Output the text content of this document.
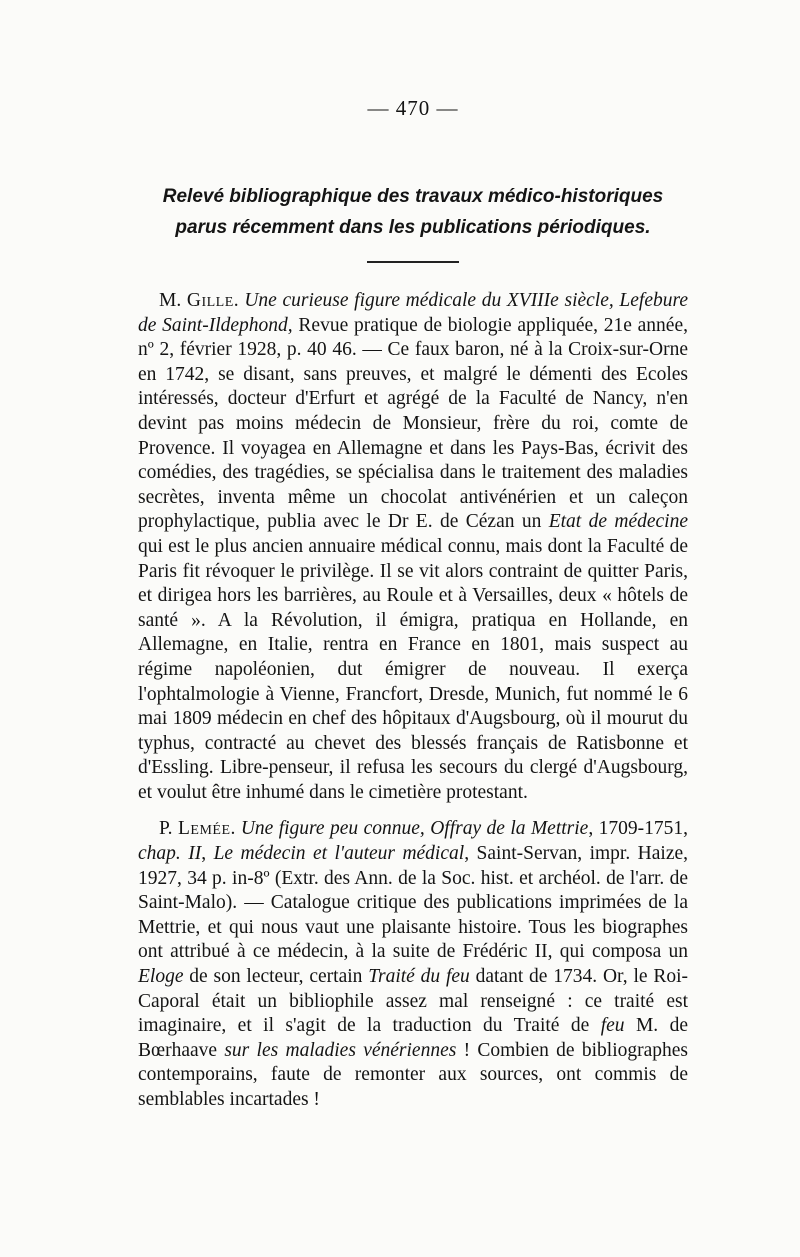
— 470 —
Relevé bibliographique des travaux médico-historiques
parus récemment dans les publications périodiques.

M. Gille. Une curieuse figure médicale du XVIIIe siècle, Lefebure de Saint-Ildephond, Revue pratique de biologie appliquée, 21e année, nº 2, février 1928, p. 40 46. — Ce faux baron, né à la Croix-sur-Orne en 1742, se disant, sans preuves, et malgré le démenti des Ecoles intéressés, docteur d'Erfurt et agrégé de la Faculté de Nancy, n'en devint pas moins médecin de Monsieur, frère du roi, comte de Provence. Il voyagea en Allemagne et dans les Pays-Bas, écrivit des comédies, des tragédies, se spécialisa dans le traitement des maladies secrètes, inventa même un chocolat antivénérien et un caleçon prophylactique, publia avec le Dr E. de Cézan un Etat de médecine qui est le plus ancien annuaire médical connu, mais dont la Faculté de Paris fit révoquer le privilège. Il se vit alors contraint de quitter Paris, et dirigea hors les barrières, au Roule et à Versailles, deux « hôtels de santé ». A la Révolution, il émigra, pratiqua en Hollande, en Allemagne, en Italie, rentra en France en 1801, mais suspect au régime napoléonien, dut émigrer de nouveau. Il exerça l'ophtalmologie à Vienne, Francfort, Dresde, Munich, fut nommé le 6 mai 1809 médecin en chef des hôpitaux d'Augsbourg, où il mourut du typhus, contracté au chevet des blessés français de Ratisbonne et d'Essling. Libre-penseur, il refusa les secours du clergé d'Augsbourg, et voulut être inhumé dans le cimetière protestant.

P. Lemée. Une figure peu connue, Offray de la Mettrie, 1709-1751, chap. II, Le médecin et l'auteur médical, Saint-Servan, impr. Haize, 1927, 34 p. in-8º (Extr. des Ann. de la Soc. hist. et archéol. de l'arr. de Saint-Malo). — Catalogue critique des publications imprimées de la Mettrie, et qui nous vaut une plaisante histoire. Tous les biographes ont attribué à ce médecin, à la suite de Frédéric II, qui composa un Eloge de son lecteur, certain Traité du feu datant de 1734. Or, le Roi-Caporal était un bibliophile assez mal renseigné : ce traité est imaginaire, et il s'agit de la traduction du Traité de feu M. de Bœrhaave sur les maladies vénériennes ! Combien de bibliographes contemporains, faute de remonter aux sources, ont commis de semblables incartades !
